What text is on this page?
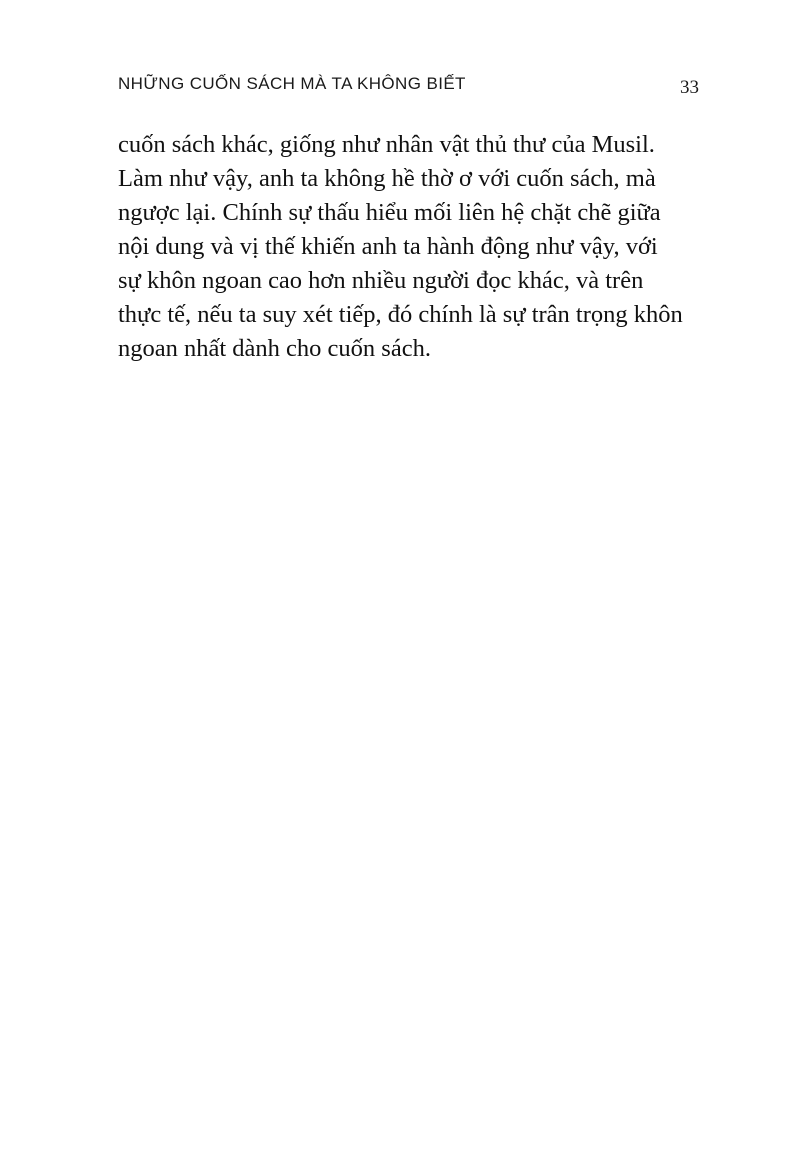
NHỮNG CUỐN SÁCH MÀ TA KHÔNG BIẾT	33
cuốn sách khác, giống như nhân vật thủ thư của Musil.
Làm như vậy, anh ta không hề thờ ơ với cuốn sách, mà
ngược lại. Chính sự thấu hiểu mối liên hệ chặt chẽ giữa
nội dung và vị thế khiến anh ta hành động như vậy, với
sự khôn ngoan cao hơn nhiều người đọc khác, và trên
thực tế, nếu ta suy xét tiếp, đó chính là sự trân trọng khôn
ngoan nhất dành cho cuốn sách.
